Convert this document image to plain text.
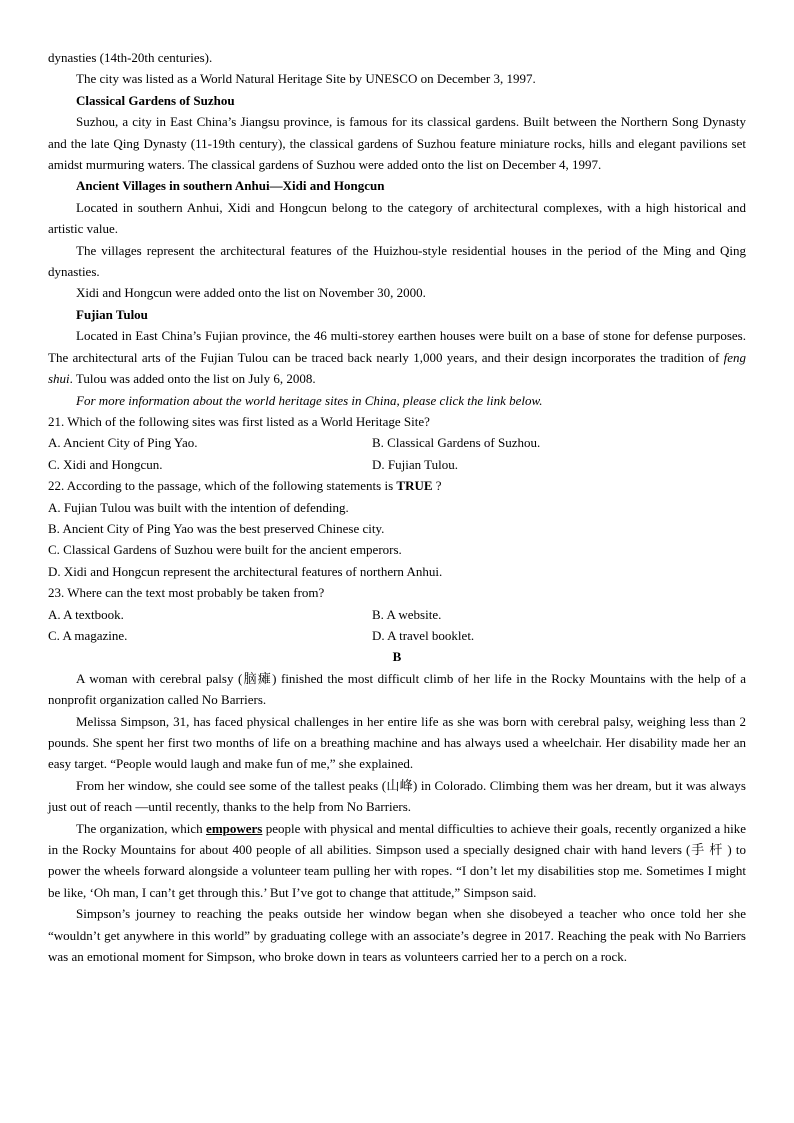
dynasties (14th-20th centuries).

The city was listed as a World Natural Heritage Site by UNESCO on December 3, 1997.

Classical Gardens of Suzhou

Suzhou, a city in East China’s Jiangsu province, is famous for its classical gardens. Built between the Northern Song Dynasty and the late Qing Dynasty (11-19th century), the classical gardens of Suzhou feature miniature rocks, hills and elegant pavilions set amidst murmuring waters. The classical gardens of Suzhou were added onto the list on December 4, 1997.

Ancient Villages in southern Anhui—Xidi and Hongcun

Located in southern Anhui, Xidi and Hongcun belong to the category of architectural complexes, with a high historical and artistic value.

The villages represent the architectural features of the Huizhou-style residential houses in the period of the Ming and Qing dynasties.

Xidi and Hongcun were added onto the list on November 30, 2000.

Fujian Tulou

Located in East China’s Fujian province, the 46 multi-storey earthen houses were built on a base of stone for defense purposes. The architectural arts of the Fujian Tulou can be traced back nearly 1,000 years, and their design incorporates the tradition of feng shui. Tulou was added onto the list on July 6, 2008.

For more information about the world heritage sites in China, please click the link below.

21. Which of the following sites was first listed as a World Heritage Site?

A. Ancient City of Ping Yao.	B. Classical Gardens of Suzhou.
C. Xidi and Hongcun.	D. Fujian Tulou.

22. According to the passage, which of the following statements is TRUE ?

A. Fujian Tulou was built with the intention of defending.

B. Ancient City of Ping Yao was the best preserved Chinese city.

C. Classical Gardens of Suzhou were built for the ancient emperors.

D. Xidi and Hongcun represent the architectural features of northern Anhui.

23. Where can the text most probably be taken from?

A. A textbook.	B. A website.
C. A magazine.	D. A travel booklet.

B

A woman with cerebral palsy (脑瘫) finished the most difficult climb of her life in the Rocky Mountains with the help of a nonprofit organization called No Barriers.

Melissa Simpson, 31, has faced physical challenges in her entire life as she was born with cerebral palsy, weighing less than 2 pounds. She spent her first two months of life on a breathing machine and has always used a wheelchair. Her disability made her an easy target. “People would laugh and make fun of me,” she explained.

From her window, she could see some of the tallest peaks (山峰) in Colorado. Climbing them was her dream, but it was always just out of reach —until recently, thanks to the help from No Barriers.

The organization, which empowers people with physical and mental difficulties to achieve their goals, recently organized a hike in the Rocky Mountains for about 400 people of all abilities. Simpson used a specially designed chair with hand levers (手 杆 ) to power the wheels forward alongside a volunteer team pulling her with ropes. “I don’t let my disabilities stop me. Sometimes I might be like, ‘Oh man, I can’t get through this.’ But I’ve got to change that attitude,” Simpson said.

Simpson’s journey to reaching the peaks outside her window began when she disobeyed a teacher who once told her she “wouldn’t get anywhere in this world” by graduating college with an associate’s degree in 2017. Reaching the peak with No Barriers was an emotional moment for Simpson, who broke down in tears as volunteers carried her to a perch on a rock.
